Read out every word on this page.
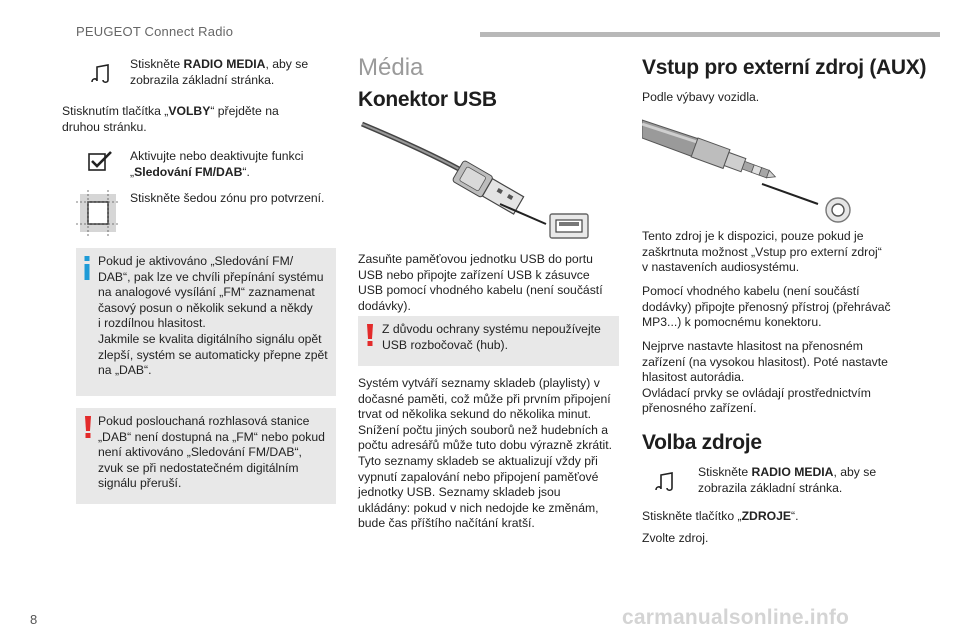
PEUGEOT Connect Radio
Stiskněte RADIO MEDIA, aby se
zobrazila základní stránka.
Stisknutím tlačítka „VOLBY“ přejděte na
druhou stránku.
Aktivujte nebo deaktivujte funkci
„Sledování FM/DAB“.
Stiskněte šedou zónu pro potvrzení.
Pokud je aktivováno „Sledování FM/
DAB“, pak lze ve chvíli přepínání systému
na analogové vysílání „FM“ zaznamenat
časový posun o několik sekund a někdy
i rozdílnou hlasitost.
Jakmile se kvalita digitálního signálu opět
zlepší, systém se automaticky přepne zpět
na „DAB“.
Pokud poslouchaná rozhlasová stanice
„DAB“ není dostupná na „FM“ nebo pokud
není aktivováno „Sledování FM/DAB“,
zvuk se při nedostatečném digitálním
signálu přeruší.
Média
Konektor USB
Zasuňte paměťovou jednotku USB do portu
USB nebo připojte zařízení USB k zásuvce
USB pomocí vhodného kabelu (není součástí
dodávky).
Z důvodu ochrany systému nepoužívejte
USB rozbočovač (hub).
Systém vytváří seznamy skladeb (playlisty) v
dočasné paměti, což může při prvním připojení
trvat od několika sekund do několika minut.
Snížení počtu jiných souborů než hudebních a
počtu adresářů může tuto dobu výrazně zkrátit.
Tyto seznamy skladeb se aktualizují vždy při
vypnutí zapalování nebo připojení paměťové
jednotky USB. Seznamy skladeb jsou
ukládány: pokud v nich nedojde ke změnám,
bude čas příštího načítání kratší.
Vstup pro externí zdroj (AUX)
Podle výbavy vozidla.
Tento zdroj je k dispozici, pouze pokud je
zaškrtnuta možnost „Vstup pro externí zdroj“
v nastaveních audiosystému.
Pomocí vhodného kabelu (není součástí
dodávky) připojte přenosný přístroj (přehrávač
MP3...) k pomocnému konektoru.
Nejprve nastavte hlasitost na přenosném
zařízení (na vysokou hlasitost). Poté nastavte
hlasitost autorádia.
Ovládací prvky se ovládají prostřednictvím
přenosného zařízení.
Volba zdroje
Stiskněte RADIO MEDIA, aby se
zobrazila základní stránka.
Stiskněte tlačítko „ZDROJE“.
Zvolte zdroj.
8	carmanualsonline.info
